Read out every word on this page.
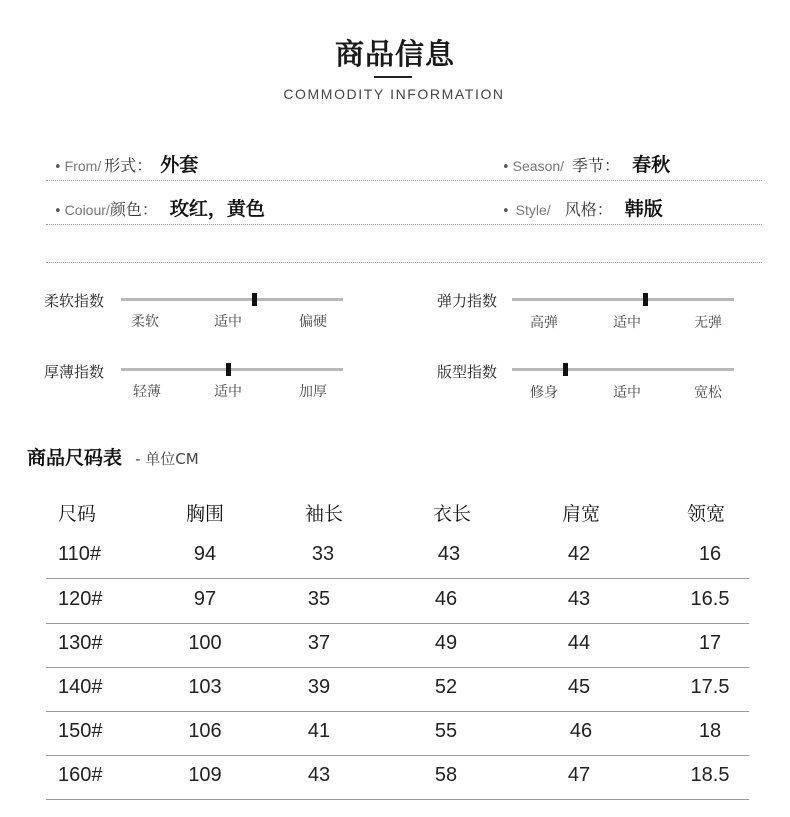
商品信息
COMMODITY INFORMATION
• From/ 形式： 外套	• Season/ 季节： 春秋
• Coiour/ 颜色： 玫红，黄色	• Style/ 风格： 韩版
柔软指数
柔软	适中	偏硬
弹力指数
高弹	适中	无弹
厚薄指数
轻薄	适中	加厚
版型指数
修身	适中	宽松
商品尺码表 - 单位CM
尺码	胸围	袖长	衣长	肩宽	领宽
110#	94	33	43	42	16
120#	97	35	46	43	16.5
130#	100	37	49	44	17
140#	103	39	52	45	17.5
150#	106	41	55	46	18
160#	109	43	58	47	18.5
